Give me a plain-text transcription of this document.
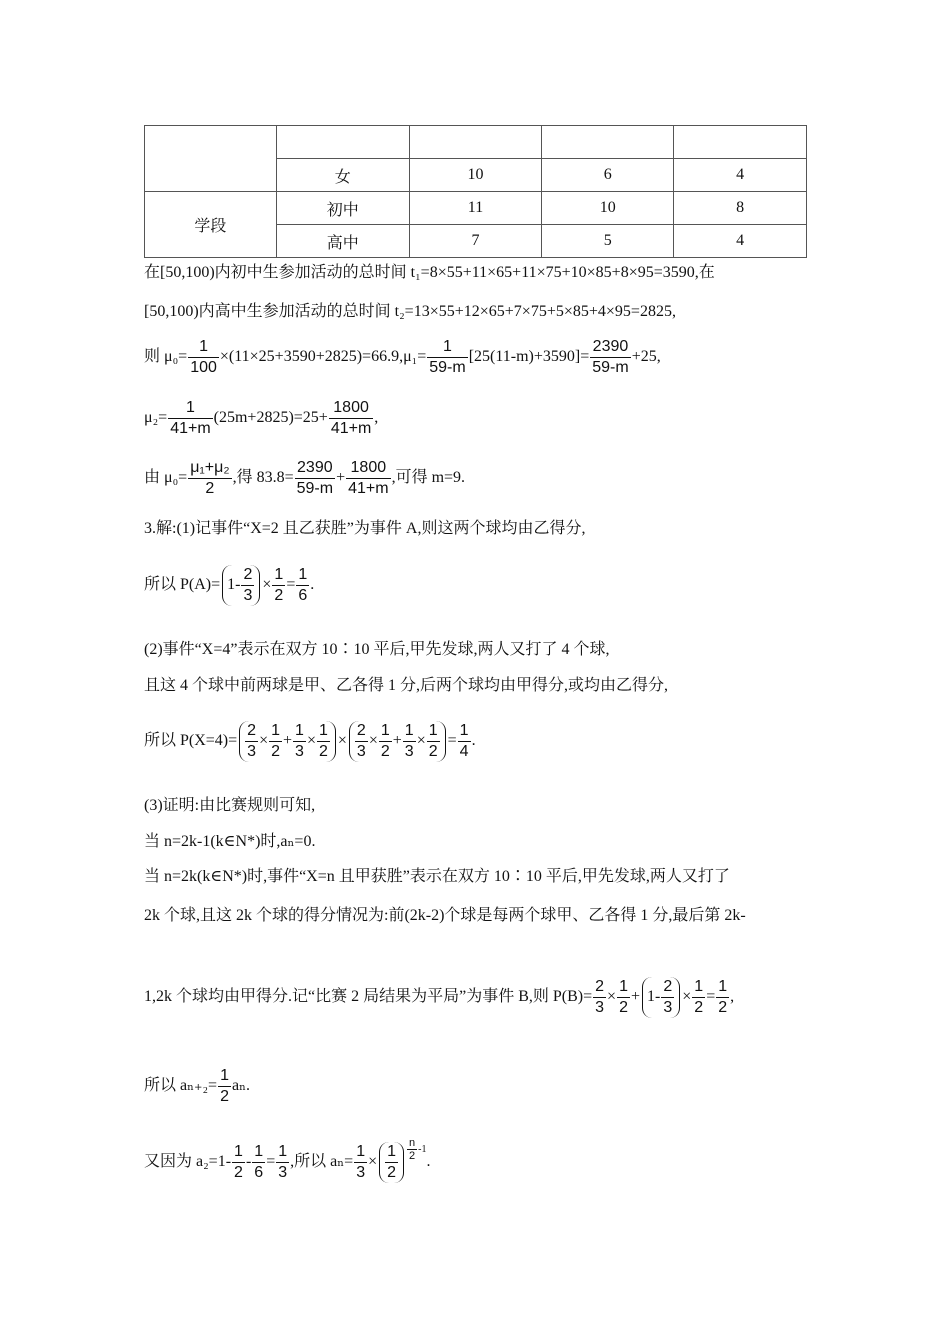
	女	10	6	4
学段	初中	11	10	8
	高中	7	5	4
在[50,100)内初中生参加活动的总时间 t₁=8×55+11×65+11×75+10×85+8×95=3590,在
[50,100)内高中生参加活动的总时间 t₂=13×55+12×65+7×75+5×85+4×95=2825,
则 $\mu_0= \frac{1}{100} \times(11\times 25+3590+2825)=66.9,\mu_1= \frac{1}{59-m} [25(11-m)+3590]= \frac{2390}{59-m} +25$,
$\mu_2= \frac{1}{41+m} (25m+2825)=25+ \frac{1800}{41+m}$ ,
由 $\mu_0= \frac{\text{μ₁+μ₂}}{2}$ ,得 $83.8= \frac{2390}{59-m} + \frac{1800}{41+m}$ ,可得 m=9.
3.解:(1)记事件“X=2 且乙获胜”为事件 A,则这两个球均由乙得分,
所以 $P(A)= 1- \frac{2}{3} \times \frac{1}{2} = \frac{1}{6}$ .
(2)事件“X=4”表示在双方 10∶10 平后,甲先发球,两人又打了 4 个球,
且这 4 个球中前两球是甲、乙各得 1 分,后两个球均由甲得分,或均由乙得分,
所以 $P(X=4)= \frac{2}{3} \times \frac{1}{2} + \frac{1}{3} \times \frac{1}{2} \times \frac{2}{3} \times \frac{1}{2} + \frac{1}{3} \times \frac{1}{2} = \frac{1}{4}$ .
(3)证明:由比赛规则可知,
当 n=2k-1(k∈N*)时,aₙ=0.
当 n=2k(k∈N*)时,事件“X=n 且甲获胜”表示在双方 10∶10 平后,甲先发球,两人又打了
2k 个球,且这 2k 个球的得分情况为:前(2k-2)个球是每两个球甲、乙各得 1 分,最后第 2k-
1,2k 个球均由甲得分.记“比赛 2 局结果为平局”为事件 B,则 $P(B)= \frac{2}{3} \times \frac{1}{2} + 1- \frac{2}{3} \times \frac{1}{2} = \frac{1}{2}$ ,
所以 $a_{n+2}= \frac{1}{2} a_n$.
又因为 $a_2=1- \frac{1}{2} - \frac{1}{6} = \frac{1}{3}$ ,所以 $a_n= \frac{1}{3} \times \frac{1}{2} ^{\frac{n}{2} -1}$.
